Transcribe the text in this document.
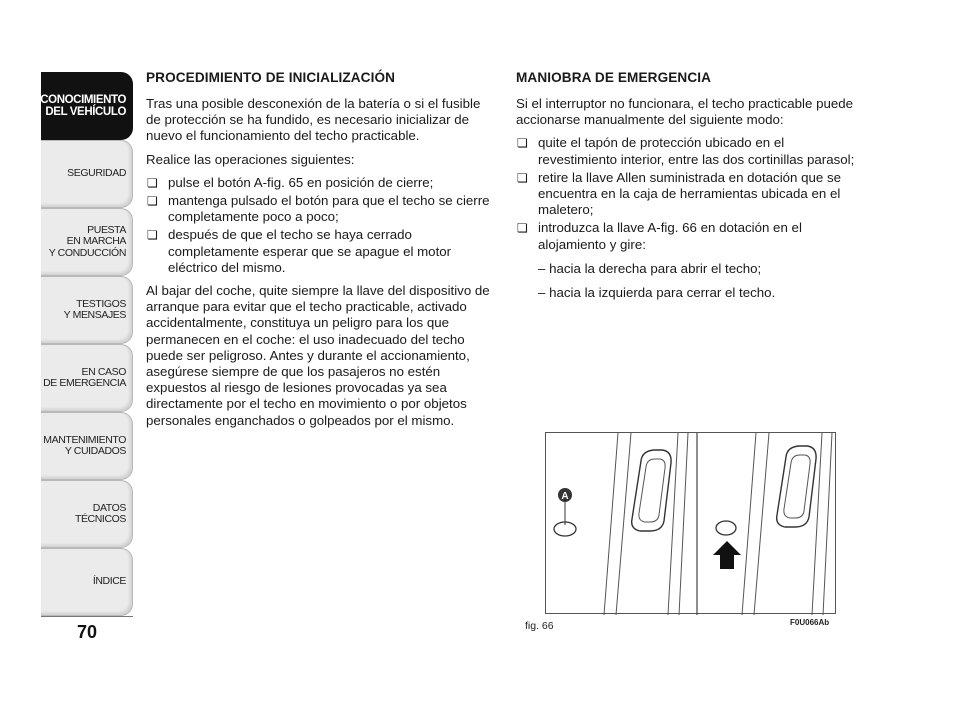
CONOCIMIENTO
DEL VEHÍCULO
SEGURIDAD
PUESTA
EN MARCHA
Y CONDUCCIÓN
TESTIGOS
Y MENSAJES
EN CASO
DE EMERGENCIA
MANTENIMIENTO
Y CUIDADOS
DATOS TÉCNICOS
ÍNDICE
70
PROCEDIMIENTO DE INICIALIZACIÓN

Tras una posible desconexión de la batería o si el fusible de protección se ha fundido, es necesario inicializar de nuevo el funcionamiento del techo practicable.

Realice las operaciones siguientes:

❏ pulse el botón A-fig. 65 en posición de cierre;
❏ mantenga pulsado el botón para que el techo se cierre completamente poco a poco;
❏ después de que el techo se haya cerrado completamente esperar que se apague el motor eléctrico del mismo.

Al bajar del coche, quite siempre la llave del dispositivo de arranque para evitar que el techo practicable, activado accidentalmente, constituya un peligro para los que permanecen en el coche: el uso inadecuado del techo puede ser peligroso. Antes y durante el accionamiento, asegúrese siempre de que los pasajeros no estén expuestos al riesgo de lesiones provocadas ya sea directamente por el techo en movimiento o por objetos personales enganchados o golpeados por el mismo.

MANIOBRA DE EMERGENCIA

Si el interruptor no funcionara, el techo practicable puede accionarse manualmente del siguiente modo:

❏ quite el tapón de protección ubicado en el revestimiento interior, entre las dos cortinillas parasol;
❏ retire la llave Allen suministrada en dotación que se encuentra en la caja de herramientas ubicada en el maletero;
❏ introduzca la llave A-fig. 66 en dotación en el alojamiento y gire:

– hacia la derecha para abrir el techo;

– hacia la izquierda para cerrar el techo.

A
fig. 66	F0U066Ab
